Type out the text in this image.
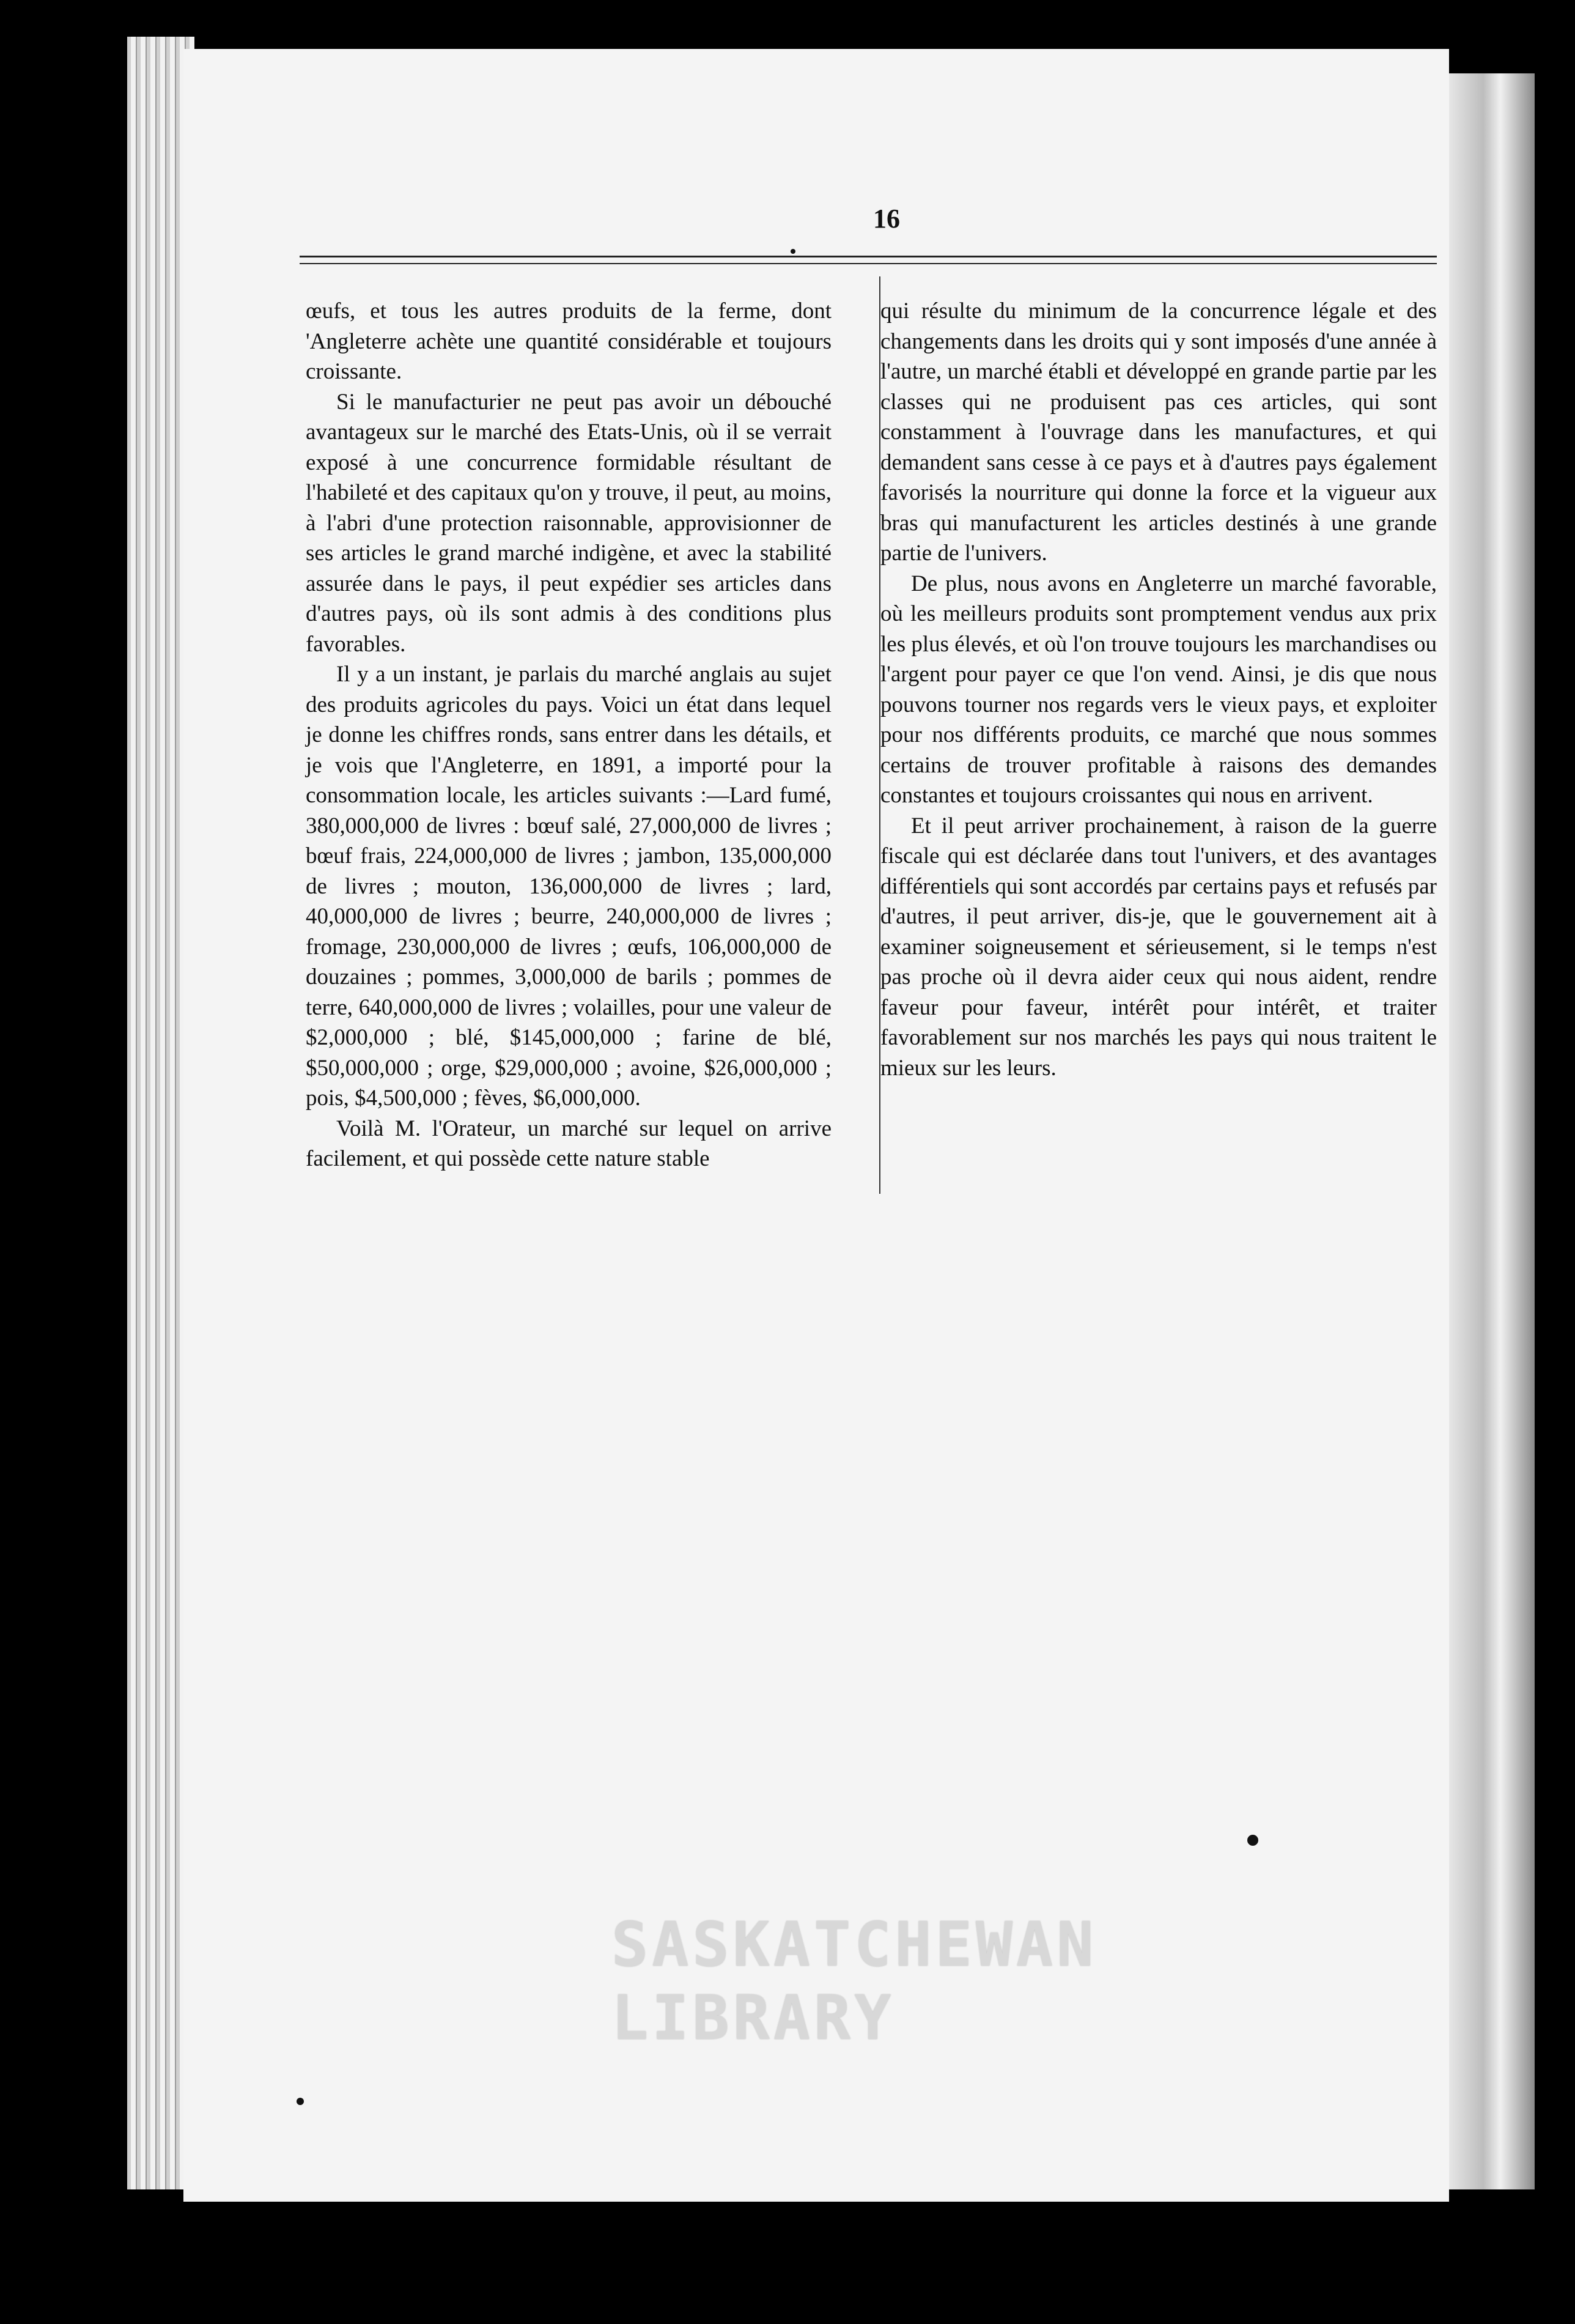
16

œufs, et tous les autres produits de la ferme, dont 'Angleterre achète une quantité considérable et toujours croissante.

Si le manufacturier ne peut pas avoir un débouché avantageux sur le marché des Etats-Unis, où il se verrait exposé à une concurrence formidable résultant de l'habileté et des capitaux qu'on y trouve, il peut, au moins, à l'abri d'une protection raisonnable, approvisionner de ses articles le grand marché indigène, et avec la stabilité assurée dans le pays, il peut expédier ses articles dans d'autres pays, où ils sont admis à des conditions plus favorables.

Il y a un instant, je parlais du marché anglais au sujet des produits agricoles du pays. Voici un état dans lequel je donne les chiffres ronds, sans entrer dans les détails, et je vois que l'Angleterre, en 1891, a importé pour la consommation locale, les articles suivants :—Lard fumé, 380,000,000 de livres : bœuf salé, 27,000,000 de livres ; bœuf frais, 224,000,000 de livres ; jambon, 135,000,000 de livres ; mouton, 136,000,000 de livres ; lard, 40,000,000 de livres ; beurre, 240,000,000 de livres ; fromage, 230,000,000 de livres ; œufs, 106,000,000 de douzaines ; pommes, 3,000,000 de barils ; pommes de terre, 640,000,000 de livres ; volailles, pour une valeur de $2,000,000 ; blé, $145,000,000 ; farine de blé, $50,000,000 ; orge, $29,000,000 ; avoine, $26,000,000 ; pois, $4,500,000 ; fèves, $6,000,000.

Voilà M. l'Orateur, un marché sur lequel on arrive facilement, et qui possède cette nature stable

qui résulte du minimum de la concurrence légale et des changements dans les droits qui y sont imposés d'une année à l'autre, un marché établi et développé en grande partie par les classes qui ne produisent pas ces articles, qui sont constamment à l'ouvrage dans les manufactures, et qui demandent sans cesse à ce pays et à d'autres pays également favorisés la nourriture qui donne la force et la vigueur aux bras qui manufacturent les articles destinés à une grande partie de l'univers.

De plus, nous avons en Angleterre un marché favorable, où les meilleurs produits sont promptement vendus aux prix les plus élevés, et où l'on trouve toujours les marchandises ou l'argent pour payer ce que l'on vend. Ainsi, je dis que nous pouvons tourner nos regards vers le vieux pays, et exploiter pour nos différents produits, ce marché que nous sommes certains de trouver profitable à raisons des demandes constantes et toujours croissantes qui nous en arrivent.

Et il peut arriver prochainement, à raison de la guerre fiscale qui est déclarée dans tout l'univers, et des avantages différentiels qui sont accordés par certains pays et refusés par d'autres, il peut arriver, dis-je, que le gouvernement ait à examiner soigneusement et sérieusement, si le temps n'est pas proche où il devra aider ceux qui nous aident, rendre faveur pour faveur, intérêt pour intérêt, et traiter favorablement sur nos marchés les pays qui nous traitent le mieux sur les leurs.

SASKATCHEWAN
LIBRARY
